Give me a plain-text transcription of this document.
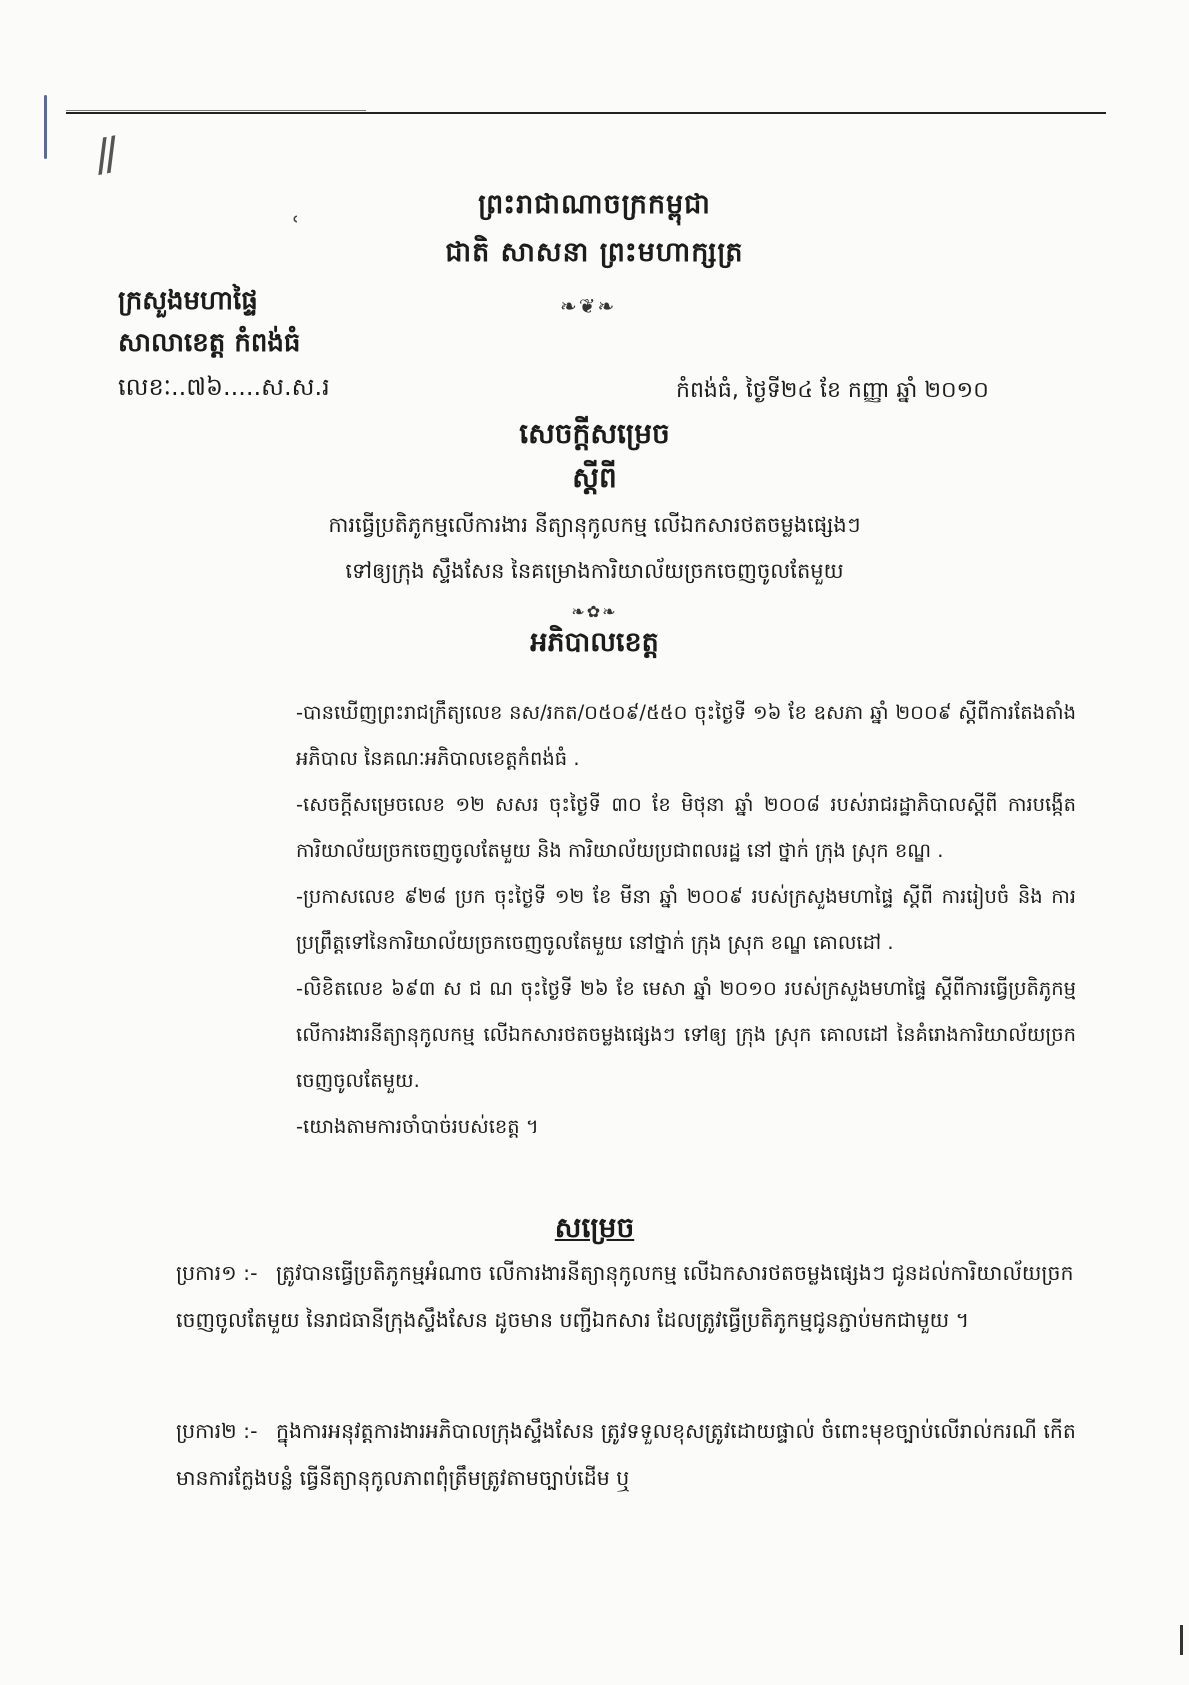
/ /
ʿ
ព្រះរាជាណាចក្រកម្ពុជា
ជាតិ សាសនា ព្រះមហាក្សត្រ
❧❦❧
ក្រសួងមហាផ្ទៃ
សាលាខេត្ត កំពង់ធំ
លេខៈ..៧៦.....ស.ស.រ	កំពង់ធំ, ថ្ងៃទី២៤ ខែ កញ្ញា ឆ្នាំ ២០១០
សេចក្តីសម្រេច
ស្តីពី
ការធ្វើប្រតិភូកម្មលើការងារ នីត្យានុកូលកម្ម លើឯកសារថតចម្លងផ្សេងៗ
ទៅឲ្យក្រុង ស្ទឹងសែន នៃគម្រោងការិយាល័យច្រកចេញចូលតែមួយ
❧✿❧
អភិបាលខេត្ត

-បានឃើញព្រះរាជក្រឹត្យលេខ នស/រកត/០៥០៩/៥៥០ ចុះថ្ងៃទី ១៦ ខែ ឧសភា ឆ្នាំ ២០០៩ ស្តីពីការតែងតាំងអភិបាល នៃគណៈអភិបាលខេត្តកំពង់ធំ .

-សេចក្តីសម្រេចលេខ ១២ សសរ ចុះថ្ងៃទី ៣០ ខែ មិថុនា ឆ្នាំ ២០០៨ របស់រាជរដ្ឋាភិបាលស្តីពី ការបង្កើតការិយាល័យច្រកចេញចូលតែមួយ និង ការិយាល័យប្រជាពលរដ្ឋ នៅ ថ្នាក់ ក្រុង ស្រុក ខណ្ឌ .

-ប្រកាសលេខ ៩២៨ ប្រក ចុះថ្ងៃទី ១២ ខែ មីនា ឆ្នាំ ២០០៩ របស់ក្រសួងមហាផ្ទៃ ស្តីពី ការរៀបចំ និង ការប្រព្រឹត្តទៅនៃការិយាល័យច្រកចេញចូលតែមួយ នៅថ្នាក់ ក្រុង ស្រុក ខណ្ឌ គោលដៅ .

-លិខិតលេខ ៦៩៣ ស ជ ណ ចុះថ្ងៃទី ២៦ ខែ មេសា ឆ្នាំ ២០១០ របស់ក្រសួងមហាផ្ទៃ ស្តីពីការធ្វើប្រតិភូកម្មលើការងារនីត្យានុកូលកម្ម លើឯកសារថតចម្លងផ្សេងៗ ទៅឲ្យ ក្រុង ស្រុក គោលដៅ នៃគំរោងការិយាល័យច្រកចេញចូលតែមួយ.

-យោងតាមការចាំបាច់របស់ខេត្ត ។

សម្រេច

ប្រការ១ :- ត្រូវបានធ្វើប្រតិភូកម្មអំណាច លើការងារនីត្យានុកូលកម្ម លើឯកសារថតចម្លងផ្សេងៗ ជូនដល់ការិយាល័យច្រកចេញចូលតែមួយ នៃរាជធានីក្រុងស្ទឹងសែន ដូចមាន បញ្ជីឯកសារ ដែលត្រូវធ្វើប្រតិភូកម្មជូនភ្ជាប់មកជាមួយ ។

ប្រការ២ :- ក្នុងការអនុវត្តការងារអភិបាលក្រុងស្ទឹងសែន ត្រូវទទួលខុសត្រូវដោយផ្ទាល់ ចំពោះមុខច្បាប់លើរាល់ករណី កើតមានការក្លែងបន្លំ ធ្វើនីត្យានុកូលភាពពុំត្រឹមត្រូវតាមច្បាប់ដើម ឬ
